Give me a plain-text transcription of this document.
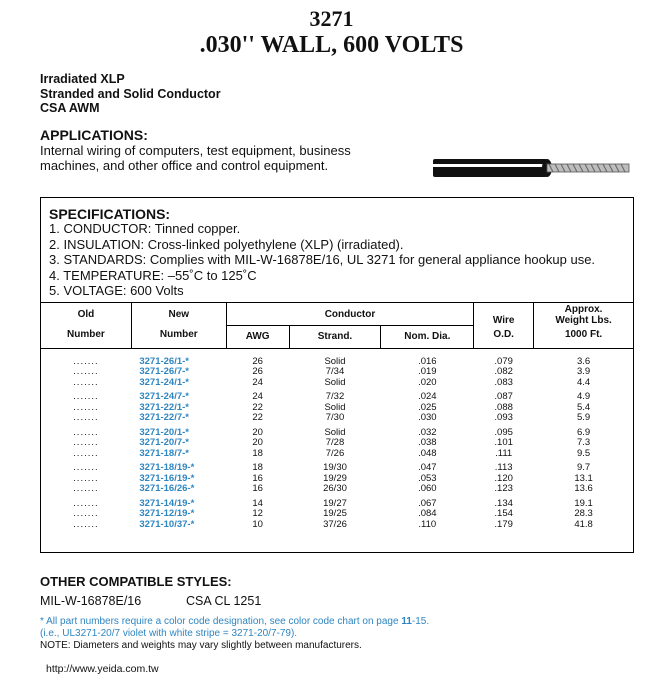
3271
.030'' WALL, 600 VOLTS
Irradiated XLP
Stranded and Solid Conductor
CSA AWM
APPLICATIONS:
Internal wiring of computers, test equipment, business machines, and other office and control equipment.
SPECIFICATIONS:
1. CONDUCTOR: Tinned copper.
2. INSULATION: Cross-linked polyethylene (XLP) (irradiated).
3. STANDARDS: Complies with MIL-W-16878E/16, UL 3271 for general appliance hookup use.
4. TEMPERATURE: –55˚C to 125˚C
5. VOLTAGE: 600 Volts
Old	New	Conductor			Wire	Approx.
Weight Lbs.

Number	Number	AWG	Strand.	Nom. Dia.	O.D.	1000 Ft.
.......	3271-26/1-*	26	Solid	.016	.079	3.6
.......	3271-26/7-*	26	7/34	.019	.082	3.9
.......	3271-24/1-*	24	Solid	.020	.083	4.4
.......	3271-24/7-*	24	7/32	.024	.087	4.9
.......	3271-22/1-*	22	Solid	.025	.088	5.4
.......	3271-22/7-*	22	7/30	.030	.093	5.9
.......	3271-20/1-*	20	Solid	.032	.095	6.9
.......	3271-20/7-*	20	7/28	.038	.101	7.3
.......	3271-18/7-*	18	7/26	.048	.111	9.5
.......	3271-18/19-*	18	19/30	.047	.113	9.7
.......	3271-16/19-*	16	19/29	.053	.120	13.1
.......	3271-16/26-*	16	26/30	.060	.123	13.6
.......	3271-14/19-*	14	19/27	.067	.134	19.1
.......	3271-12/19-*	12	19/25	.084	.154	28.3
.......	3271-10/37-*	10	37/26	.110	.179	41.8
OTHER COMPATIBLE STYLES:
MIL-W-16878E/16	CSA CL 1251
* All part numbers require a color code designation, see color code chart on page 11-15.
(i.e., UL3271-20/7 violet with white stripe = 3271-20/7-79).
NOTE: Diameters and weights may vary slightly between manufacturers.
http://www.yeida.com.tw
